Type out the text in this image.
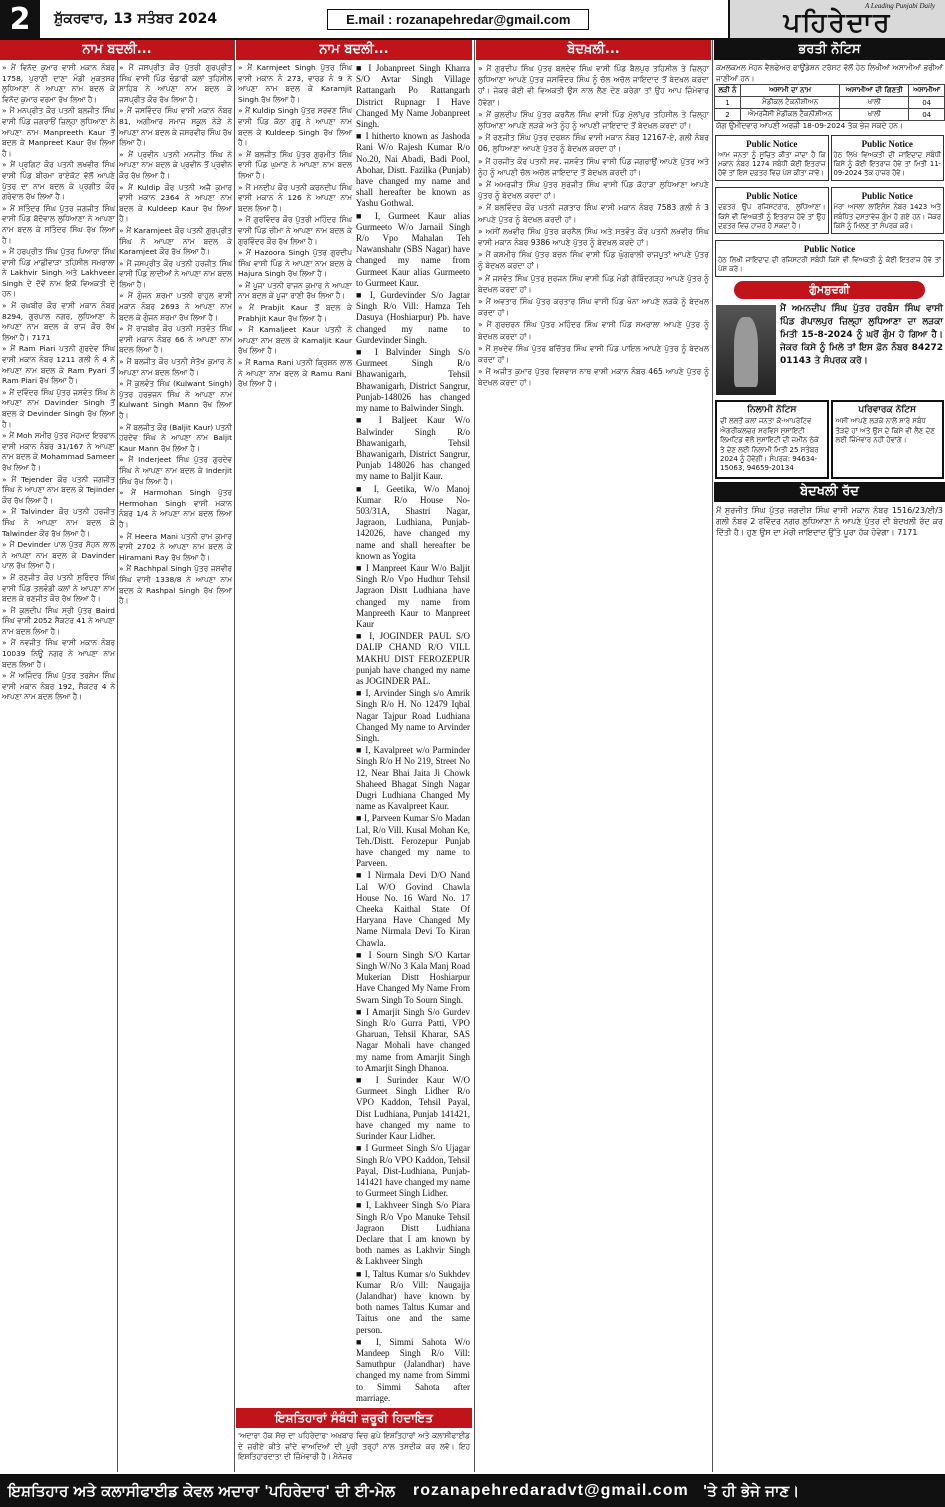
2	ਸ਼ੁੱਕਰਵਾਰ, 13 ਸਤੰਬਰ 2024	E.mail : rozanapehredar@gmail.com
A Leading Punjabi Daily
ਪਹਿਰੇਦਾਰ
ਨਾਮ ਬਦਲੀ...

» ਮੈਂ ਵਿਨੋਦ ਕੁਮਾਰ ਵਾਸੀ ਮਕਾਨ ਨੰਬਰ 1758, ਪੁਰਾਣੀ ਦਾਣਾ ਮੰਡੀ ਮੁਕਤਸਰ ਲੁਧਿਆਣਾ ਨੇ ਆਪਣਾ ਨਾਮ ਬਦਲ ਕੇ ਵਿਨੋਦ ਕੁਮਾਰ ਵਰਮਾ ਰੱਖ ਲਿਆ ਹੈ।

» ਮੈਂ ਮਨਪ੍ਰੀਤ ਕੌਰ ਪਤਨੀ ਬਲਜੀਤ ਸਿੰਘ ਵਾਸੀ ਪਿੰਡ ਜਗਰਾਓਂ ਜ਼ਿਲ੍ਹਾ ਲੁਧਿਆਣਾ ਨੇ ਆਪਣਾ ਨਾਮ Manpreeth Kaur ਤੋਂ ਬਦਲ ਕੇ Manpreet Kaur ਰੱਖ ਲਿਆ ਹੈ।

» ਮੈਂ ਪ੍ਰਗਿਟ ਕੌਰ ਪਤਨੀ ਲਖਵੀਰ ਸਿੰਘ ਵਾਸੀ ਪਿੰਡ ਬੀਰਮਾ ਰਾਏਕੋਟ ਵੱਲੋਂ ਆਪਣੇ ਪੁੱਤਰ ਦਾ ਨਾਮ ਬਦਲ ਕੇ ਪ੍ਰਗੀਤ ਕੌਰ ਗਰੇਵਾਲ ਰੱਖ ਲਿਆ ਹੈ।

» ਮੈਂ ਸਤਿੰਦਰ ਸਿੰਘ ਪੁੱਤਰ ਜਗਜੀਤ ਸਿੰਘ ਵਾਸੀ ਪਿੰਡ ਬੱਦੋਵਾਲ ਲੁਧਿਆਣਾ ਨੇ ਆਪਣਾ ਨਾਮ ਬਦਲ ਕੇ ਸਤਿੰਦਰ ਸਿੰਘ ਰੱਖ ਲਿਆ ਹੈ।

» ਮੈਂ ਹਰਪ੍ਰੀਤ ਸਿੰਘ ਪੁੱਤਰ ਪਿਆਰਾ ਸਿੰਘ ਵਾਸੀ ਪਿੰਡ ਮਾਛੀਵਾੜਾ ਤਹਿਸੀਲ ਸਮਰਾਲਾ ਨੇ Lakhvir Singh ਅਤੇ Lakhveer Singh ਦੇ ਦੋਵੇਂ ਨਾਮ ਇਕੋ ਵਿਅਕਤੀ ਦੇ ਹਨ।

» ਮੈਂ ਰਘਬੀਰ ਕੌਰ ਵਾਸੀ ਮਕਾਨ ਨੰਬਰ 8294, ਗੁਰਪਾਲ ਨਗਰ, ਲੁਧਿਆਣਾ ਨੇ ਆਪਣਾ ਨਾਮ ਬਦਲ ਕੇ ਰਾਜ ਕੌਰ ਰੱਖ ਲਿਆ ਹੈ। 7171

» ਮੈਂ Ram Piari ਪਤਨੀ ਗੁਰਦੇਵ ਸਿੰਘ ਵਾਸੀ ਮਕਾਨ ਨੰਬਰ 1211 ਗਲੀ ਨੰ 4 ਨੇ ਆਪਣਾ ਨਾਮ ਬਦਲ ਕੇ Ram Pyari ਤੋਂ Ram Piari ਰੱਖ ਲਿਆ ਹੈ।

» ਮੈਂ ਦਵਿੰਦਰ ਸਿੰਘ ਪੁੱਤਰ ਜਸਵੰਤ ਸਿੰਘ ਨੇ ਆਪਣਾ ਨਾਮ Davinder Singh ਤੋਂ ਬਦਲ ਕੇ Devinder Singh ਰੱਖ ਲਿਆ ਹੈ।

» ਮੈਂ Moh ਸਮੀਰ ਪੁੱਤਰ ਮੋਹਮਦ ਇਰਫਾਨ ਵਾਸੀ ਮਕਾਨ ਨੰਬਰ 31/167 ਨੇ ਆਪਣਾ ਨਾਮ ਬਦਲ ਕੇ Mohammad Sameer ਰੱਖ ਲਿਆ ਹੈ।

» ਮੈਂ Tejender ਕੌਰ ਪਤਨੀ ਜਗਜੀਤ ਸਿੰਘ ਨੇ ਆਪਣਾ ਨਾਮ ਬਦਲ ਕੇ Tejinder ਕੌਰ ਰੱਖ ਲਿਆ ਹੈ।

» ਮੈਂ Talvinder ਕੌਰ ਪਤਨੀ ਹਰਜੀਤ ਸਿੰਘ ਨੇ ਆਪਣਾ ਨਾਮ ਬਦਲ ਕੇ Talwinder ਕੌਰ ਰੱਖ ਲਿਆ ਹੈ।

» ਮੈਂ Devinder ਪਾਲ ਪੁੱਤਰ ਸੋਹਨ ਲਾਲ ਨੇ ਆਪਣਾ ਨਾਮ ਬਦਲ ਕੇ Davinder ਪਾਲ ਰੱਖ ਲਿਆ ਹੈ।

» ਮੈਂ ਰਣਜੀਤ ਕੌਰ ਪਤਨੀ ਸੁਰਿੰਦਰ ਸਿੰਘ ਵਾਸੀ ਪਿੰਡ ਤਲਵੰਡੀ ਕਲਾਂ ਨੇ ਆਪਣਾ ਨਾਮ ਬਦਲ ਕੇ ਰਣਜੀਤ ਕੌਰ ਰੱਖ ਲਿਆ ਹੈ।

» ਮੈਂ ਕੁਲਦੀਪ ਸਿੰਘ ਸ੍ਰੀ ਪੁੱਤਰ Baird ਸਿੰਘ ਵਾਸੀ 2052 ਸੈਕਟਰ 41 ਨੇ ਆਪਣਾ ਨਾਮ ਬਦਲ ਲਿਆ ਹੈ।

» ਮੈਂ ਨਵਜੀਤ ਸਿੰਘ ਵਾਸੀ ਮਕਾਨ ਨੰਬਰ 10039 ਨਿਊ ਨਗਰ ਨੇ ਆਪਣਾ ਨਾਮ ਬਦਲ ਲਿਆ ਹੈ।

» ਮੈਂ ਅਜਿੰਦਰ ਸਿੰਘ ਪੁੱਤਰ ਤਰਸੇਮ ਸਿੰਘ ਵਾਸੀ ਮਕਾਨ ਨੰਬਰ 192, ਸੈਕਟਰ 4 ਨੇ ਆਪਣਾ ਨਾਮ ਬਦਲ ਲਿਆ ਹੈ।

» ਮੈਂ ਜਸਪ੍ਰੀਤ ਕੌਰ ਪੁੱਤਰੀ ਗੁਰਪ੍ਰੀਤ ਸਿੰਘ ਵਾਸੀ ਪਿੰਡ ਢੰਡਾਰੀ ਕਲਾਂ ਤਹਿਸੀਲ ਸਾਹਿਬ ਨੇ ਆਪਣਾ ਨਾਮ ਬਦਲ ਕੇ ਜਸਪ੍ਰੀਤ ਕੌਰ ਰੱਖ ਲਿਆ ਹੈ।

» ਮੈਂ ਜਸਵਿੰਦਰ ਸਿੰਘ ਵਾਸੀ ਮਕਾਨ ਨੰਬਰ 81, ਅਗੀਆਰ ਸਮਾਜ ਸਕੂਲ ਨੇੜੇ ਨੇ ਆਪਣਾ ਨਾਮ ਬਦਲ ਕੇ ਜਸਰਵੀਰ ਸਿੰਘ ਰੱਖ ਲਿਆ ਹੈ।

» ਮੈਂ ਪ੍ਰਵੀਨ ਪਤਨੀ ਮਨਜੀਤ ਸਿੰਘ ਨੇ ਆਪਣਾ ਨਾਮ ਬਦਲ ਕੇ ਪ੍ਰਵੀਨ ਤੋਂ ਪ੍ਰਵੀਨ ਕੌਰ ਰੱਖ ਲਿਆ ਹੈ।

» ਮੈਂ Kuldip ਕੌਰ ਪਤਨੀ ਅਜੈ ਕੁਮਾਰ ਵਾਸੀ ਮਕਾਨ 2364 ਨੇ ਆਪਣਾ ਨਾਮ ਬਦਲ ਕੇ Kuldeep Kaur ਰੱਖ ਲਿਆ ਹੈ।

» ਮੈਂ Karamjeet ਕੌਰ ਪਤਨੀ ਗੁਰਪ੍ਰੀਤ ਸਿੰਘ ਨੇ ਆਪਣਾ ਨਾਮ ਬਦਲ ਕੇ Karamjeet ਕੌਰ ਰੱਖ ਲਿਆ ਹੈ।

» ਮੈਂ ਜਸਪ੍ਰੀਤ ਕੌਰ ਪਤਨੀ ਹਰਜੀਤ ਸਿੰਘ ਵਾਸੀ ਪਿੰਡ ਲਾਦੀਆਂ ਨੇ ਆਪਣਾ ਨਾਮ ਬਦਲ ਲਿਆ ਹੈ।

» ਮੈਂ ਗੁੰਜਨ ਸ਼ਰਮਾ ਪਤਨੀ ਰਾਹੁਲ ਵਾਸੀ ਮਕਾਨ ਨੰਬਰ 2693 ਨੇ ਆਪਣਾ ਨਾਮ ਬਦਲ ਕੇ ਗੁੰਜਨ ਸ਼ਰਮਾ ਰੱਖ ਲਿਆ ਹੈ।

» ਮੈਂ ਰਾਜਬੀਰ ਕੌਰ ਪਤਨੀ ਸਤਵੰਤ ਸਿੰਘ ਵਾਸੀ ਮਕਾਨ ਨੰਬਰ 66 ਨੇ ਆਪਣਾ ਨਾਮ ਬਦਲ ਲਿਆ ਹੈ।

» ਮੈਂ ਬਲਜੀਤ ਕੌਰ ਪਤਨੀ ਸੰਤੋਖ ਕੁਮਾਰ ਨੇ ਆਪਣਾ ਨਾਮ ਬਦਲ ਲਿਆ ਹੈ।

» ਮੈਂ ਕੁਲਵੰਤ ਸਿੰਘ (Kulwant Singh) ਪੁੱਤਰ ਹਰਭਜਨ ਸਿੰਘ ਨੇ ਆਪਣਾ ਨਾਮ Kulwant Singh Mann ਰੱਖ ਲਿਆ ਹੈ।

» ਮੈਂ ਬਲਜੀਤ ਕੌਰ (Baljit Kaur) ਪਤਨੀ ਹਰਦੇਵ ਸਿੰਘ ਨੇ ਆਪਣਾ ਨਾਮ Baljit Kaur Mann ਰੱਖ ਲਿਆ ਹੈ।

» ਮੈਂ Inderjeet ਸਿੰਘ ਪੁੱਤਰ ਗੁਰਦੇਵ ਸਿੰਘ ਨੇ ਆਪਣਾ ਨਾਮ ਬਦਲ ਕੇ Inderjit ਸਿੰਘ ਰੱਖ ਲਿਆ ਹੈ।

» ਮੈਂ Harmohan Singh ਪੁੱਤਰ Hermohan Singh ਵਾਸੀ ਮਕਾਨ ਨੰਬਰ 1/4 ਨੇ ਆਪਣਾ ਨਾਮ ਬਦਲ ਲਿਆ ਹੈ।

» ਮੈਂ Heera Mani ਪਤਨੀ ਰਾਮ ਕੁਮਾਰ ਵਾਸੀ 2702 ਨੇ ਆਪਣਾ ਨਾਮ ਬਦਲ ਕੇ Hiramani Ray ਰੱਖ ਲਿਆ ਹੈ।

» ਮੈਂ Rachhpal Singh ਪੁੱਤਰ ਜਸਵੀਰ ਸਿੰਘ ਵਾਸੀ 1338/8 ਨੇ ਆਪਣਾ ਨਾਮ ਬਦਲ ਕੇ Rashpal Singh ਰੱਖ ਲਿਆ ਹੈ।

ਨਾਮ ਬਦਲੀ...

» ਮੈਂ Karmjeet Singh ਪੁੱਤਰ ਸਿੰਘ ਵਾਸੀ ਮਕਾਨ ਨੰ 273, ਵਾਰਡ ਨੰ 9 ਨੇ ਆਪਣਾ ਨਾਮ ਬਦਲ ਕੇ Karamjit Singh ਰੱਖ ਲਿਆ ਹੈ।

» ਮੈਂ Kuldip Singh ਪੁੱਤਰ ਸਰਵਣ ਸਿੰਘ ਵਾਸੀ ਪਿੰਡ ਕੋਠਾ ਗੁਰੂ ਨੇ ਆਪਣਾ ਨਾਮ ਬਦਲ ਕੇ Kuldeep Singh ਰੱਖ ਲਿਆ ਹੈ।

» ਮੈਂ ਬਲਜੀਤ ਸਿੰਘ ਪੁੱਤਰ ਗੁਰਮੀਤ ਸਿੰਘ ਵਾਸੀ ਪਿੰਡ ਘੁਮਾਣ ਨੇ ਆਪਣਾ ਨਾਮ ਬਦਲ ਲਿਆ ਹੈ।

» ਮੈਂ ਮਨਦੀਪ ਕੌਰ ਪਤਨੀ ਕਰਨਦੀਪ ਸਿੰਘ ਵਾਸੀ ਮਕਾਨ ਨੰ 126 ਨੇ ਆਪਣਾ ਨਾਮ ਬਦਲ ਲਿਆ ਹੈ।

» ਮੈਂ ਗੁਰਵਿੰਦਰ ਕੌਰ ਪੁੱਤਰੀ ਮਹਿੰਦਰ ਸਿੰਘ ਵਾਸੀ ਪਿੰਡ ਚੀਮਾ ਨੇ ਆਪਣਾ ਨਾਮ ਬਦਲ ਕੇ ਗੁਰਵਿੰਦਰ ਕੌਰ ਰੱਖ ਲਿਆ ਹੈ।

» ਮੈਂ Hazoora Singh ਪੁੱਤਰ ਗੁਰਦੀਪ ਸਿੰਘ ਵਾਸੀ ਪਿੰਡ ਨੇ ਆਪਣਾ ਨਾਮ ਬਦਲ ਕੇ Hajura Singh ਰੱਖ ਲਿਆ ਹੈ।

» ਮੈਂ ਪੂਜਾ ਪਤਨੀ ਰਾਜਨ ਕੁਮਾਰ ਨੇ ਆਪਣਾ ਨਾਮ ਬਦਲ ਕੇ ਪੂਜਾ ਰਾਣੀ ਰੱਖ ਲਿਆ ਹੈ।

» ਮੈਂ Prabjit Kaur ਤੋਂ ਬਦਲ ਕੇ Prabhjit Kaur ਰੱਖ ਲਿਆ ਹੈ।

» ਮੈਂ Kamaljeet Kaur ਪਤਨੀ ਨੇ ਆਪਣਾ ਨਾਮ ਬਦਲ ਕੇ Kamaljit Kaur ਰੱਖ ਲਿਆ ਹੈ।

» ਮੈਂ Rama Rani ਪਤਨੀ ਕ੍ਰਿਸ਼ਨ ਲਾਲ ਨੇ ਆਪਣਾ ਨਾਮ ਬਦਲ ਕੇ Ramu Rani ਰੱਖ ਲਿਆ ਹੈ।

■ I Jobanpreet Singh Kharra S/O Avtar Singh Village Rattangarh Po Rattangarh District Rupnagr I Have Changed My Name Jobanpreet Singh.

■ I hitherto known as Jashoda Rani W/o Rajesh Kumar R/o No.20, Nai Abadi, Badi Pool, Abohar, Distt. Fazilka (Punjab) have changed my name and shall hereafter be known as Yashu Gothwal.

■ I, Gurmeet Kaur alias Gurmeeto W/o Jarnail Singh R/o Vpo Mahalan Teh Nawanshahr (SBS Nagar) have changed my name from Gurmeet Kaur alias Gurmeeto to Gurmeet Kaur.

■ I, Gurdevinder S/o Jagtar Singh R/o Vill: Hamza Teh Dasuya (Hoshiarpur) Pb. have changed my name to Gurdevinder Singh.

■ I Balvinder Singh S/o Gurmeet Singh R/o Bhawanigarh, Tehsil Bhawanigarh, District Sangrur, Punjab-148026 has changed my name to Balwinder Singh.

■ I Baljeet Kaur W/o Balwinder Singh R/o Bhawanigarh, Tehsil Bhawanigarh, District Sangrur, Punjab 148026 has changed my name to Baljit Kaur.

■ I, Geetika, W/o Manoj Kumar R/o House No-503/31A, Shastri Nagar, Jagraon, Ludhiana, Punjab-142026, have changed my name and shall hereafter be known as Yogita

■ I Manpreet Kaur W/o Baljit Singh R/o Vpo Hudhur Tehsil Jagraon Distt Ludhiana have changed my name from Manpreeth Kaur to Manpreet Kaur

■ I, JOGINDER PAUL S/O DALIP CHAND R/O VILL MAKHU DIST FEROZEPUR punjab have changed my name as JOGINDER PAL.

■ I, Arvinder Singh s/o Amrik Singh R/o H. No 12479 Iqbal Nagar Tajpur Road Ludhiana Changed My name to Arvinder Singh.

■ I, Kavalpreet w/o Parminder Singh R/o H No 219, Street No 12, Near Bhai Jaita Ji Chowk Shaheed Bhagat Singh Nagar Dugri Ludhiana Changed My name as Kavalpreet Kaur.

■ I, Parveen Kumar S/o Madan Lal, R/o Vill. Kusal Mohan Ke, Teh./Distt. Ferozepur Punjab have changed my name to Parveen.

■ I Nirmala Devi D/O Nand Lal W/O Govind Chawla House No. 16 Ward No. 17 Cheeka Kaithal State Of Haryana Have Changed My Name Nirmala Devi To Kiran Chawla.

■ I Sourn Singh S/O Kartar Singh W/No 3 Kala Manj Road Mukerian Distt Hoshiarpur Have Changed My Name From Swarn Singh To Sourn Singh.

■ I Amarjit Singh S/o Gurdev Singh R/o Gurra Patti, VPO Gharuan, Tehsil Kharar, SAS Nagar Mohali have changed my name from Amarjit Singh to Amarjit Singh Dhanoa.

■ I Surinder Kaur W/O Gurmeet Singh Lidher R/o VPO Kaddon, Tehsil Payal, Dist Ludhiana, Punjab 141421, have changed my name to Surinder Kaur Lidher.

■ I Gurmeet Singh S/o Ujagar Singh R/o VPO Kaddon, Tehsil Payal, Dist-Ludhiana, Punjab-141421 have changed my name to Gurmeet Singh Lidher.

■ I, Lakhveer Singh S/o Piara Singh R/o Vpo Manuke Tehsil Jagraon Distt Ludhiana Declare that I am known by both names as Lakhvir Singh & Lakhveer Singh

■ I, Taltus Kumar s/o Sukhdev Kumar R/o Vill: Naugajja (Jalandhar) have known by both names Taltus Kumar and Taitus one and the same person.

■ I, Simmi Sahota W/o Mandeep Singh R/o Vill: Samuthpur (Jalandhar) have changed my name from Simmi to Simmi Sahota after marriage.

ਇਸ਼ਤਿਹਾਰਾਂ ਸੰਬੰਧੀ ਜ਼ਰੂਰੀ ਹਿਦਾਇਤ
'ਅਦਾਰਾ ਹੱਕ ਸੱਚ ਦਾ ਪਹਿਰੇਦਾਰ' ਅਖ਼ਬਾਰ ਵਿਚ ਛਪੇ ਇਸ਼ਤਿਹਾਰਾਂ ਅਤੇ ਕਲਾਸੀਫਾਈਡ ਦੇ ਜ਼ਰੀਏ ਕੀਤੇ ਜਾਂਦੇ ਵਾਅਦਿਆਂ ਦੀ ਪੂਰੀ ਤਰ੍ਹਾਂ ਨਾਲ ਤਸਦੀਕ ਕਰ ਲਵੋ। ਇਹ ਇਸ਼ਤਿਹਾਰਦਾਤਾ ਦੀ ਜ਼ਿੰਮੇਵਾਰੀ ਹੈ। ਮੈਨੇਜਰ
ਬੇਦਖ਼ਲੀ...

» ਮੈਂ ਗੁਰਦੀਪ ਸਿੰਘ ਪੁੱਤਰ ਬਲਦੇਵ ਸਿੰਘ ਵਾਸੀ ਪਿੰਡ ਬੈਲਪੁਰ ਤਹਿਸੀਲ ਤੇ ਜ਼ਿਲ੍ਹਾ ਲੁਧਿਆਣਾ ਆਪਣੇ ਪੁੱਤਰ ਜਸਵਿੰਦਰ ਸਿੰਘ ਨੂੰ ਚੱਲ ਅਚੱਲ ਜਾਇਦਾਦ ਤੋਂ ਬੇਦਖ਼ਲ ਕਰਦਾ ਹਾਂ। ਜੇਕਰ ਕੋਈ ਵੀ ਵਿਅਕਤੀ ਉਸ ਨਾਲ ਲੈਣ ਦੇਣ ਕਰੇਗਾ ਤਾਂ ਉਹ ਆਪ ਜ਼ਿੰਮੇਵਾਰ ਹੋਵੇਗਾ।

» ਮੈਂ ਕੁਲਦੀਪ ਸਿੰਘ ਪੁੱਤਰ ਕਰਨੈਲ ਸਿੰਘ ਵਾਸੀ ਪਿੰਡ ਮੁੱਲਾਂਪੁਰ ਤਹਿਸੀਲ ਤੇ ਜ਼ਿਲ੍ਹਾ ਲੁਧਿਆਣਾ ਆਪਣੇ ਲੜਕੇ ਅਤੇ ਨੂੰਹ ਨੂੰ ਆਪਣੀ ਜਾਇਦਾਦ ਤੋਂ ਬੇਦਖ਼ਲ ਕਰਦਾ ਹਾਂ।

» ਮੈਂ ਰਣਜੀਤ ਸਿੰਘ ਪੁੱਤਰ ਦਰਸ਼ਨ ਸਿੰਘ ਵਾਸੀ ਮਕਾਨ ਨੰਬਰ 12167-ਏ, ਗਲੀ ਨੰਬਰ 06, ਲੁਧਿਆਣਾ ਆਪਣੇ ਪੁੱਤਰ ਨੂੰ ਬੇਦਖ਼ਲ ਕਰਦਾ ਹਾਂ।

» ਮੈਂ ਹਰਜੀਤ ਕੌਰ ਪਤਨੀ ਸਵ. ਜਸਵੰਤ ਸਿੰਘ ਵਾਸੀ ਪਿੰਡ ਜਗਰਾਉਂ ਆਪਣੇ ਪੁੱਤਰ ਅਤੇ ਨੂੰਹ ਨੂੰ ਆਪਣੀ ਚੱਲ ਅਚੱਲ ਜਾਇਦਾਦ ਤੋਂ ਬੇਦਖ਼ਲ ਕਰਦੀ ਹਾਂ।

» ਮੈਂ ਅਮਰਜੀਤ ਸਿੰਘ ਪੁੱਤਰ ਸੁਰਜੀਤ ਸਿੰਘ ਵਾਸੀ ਪਿੰਡ ਕੋਹਾੜਾ ਲੁਧਿਆਣਾ ਆਪਣੇ ਪੁੱਤਰ ਨੂੰ ਬੇਦਖ਼ਲ ਕਰਦਾ ਹਾਂ।

» ਮੈਂ ਬਲਵਿੰਦਰ ਕੌਰ ਪਤਨੀ ਜਗਤਾਰ ਸਿੰਘ ਵਾਸੀ ਮਕਾਨ ਨੰਬਰ 7583 ਗਲੀ ਨੰ 3 ਆਪਣੇ ਪੁੱਤਰ ਨੂੰ ਬੇਦਖ਼ਲ ਕਰਦੀ ਹਾਂ।

» ਅਸੀਂ ਲਖਵੀਰ ਸਿੰਘ ਪੁੱਤਰ ਕਰਨੈਲ ਸਿੰਘ ਅਤੇ ਸਤਵੰਤ ਕੌਰ ਪਤਨੀ ਲਖਵੀਰ ਸਿੰਘ ਵਾਸੀ ਮਕਾਨ ਨੰਬਰ 9386 ਆਪਣੇ ਪੁੱਤਰ ਨੂੰ ਬੇਦਖ਼ਲ ਕਰਦੇ ਹਾਂ।

» ਮੈਂ ਕਸ਼ਮੀਰ ਸਿੰਘ ਪੁੱਤਰ ਬਚਨ ਸਿੰਘ ਵਾਸੀ ਪਿੰਡ ਘੁੰਗਰਾਲੀ ਰਾਜਪੂਤਾਂ ਆਪਣੇ ਪੁੱਤਰ ਨੂੰ ਬੇਦਖ਼ਲ ਕਰਦਾ ਹਾਂ।

» ਮੈਂ ਜਸਵੰਤ ਸਿੰਘ ਪੁੱਤਰ ਸੁਰਜਨ ਸਿੰਘ ਵਾਸੀ ਪਿੰਡ ਮੰਡੀ ਗੋਬਿੰਦਗੜ੍ਹ ਆਪਣੇ ਪੁੱਤਰ ਨੂੰ ਬੇਦਖ਼ਲ ਕਰਦਾ ਹਾਂ।

» ਮੈਂ ਅਵਤਾਰ ਸਿੰਘ ਪੁੱਤਰ ਕਰਤਾਰ ਸਿੰਘ ਵਾਸੀ ਪਿੰਡ ਖੰਨਾ ਆਪਣੇ ਲੜਕੇ ਨੂੰ ਬੇਦਖ਼ਲ ਕਰਦਾ ਹਾਂ।

» ਮੈਂ ਗੁਰਚਰਨ ਸਿੰਘ ਪੁੱਤਰ ਮਹਿੰਦਰ ਸਿੰਘ ਵਾਸੀ ਪਿੰਡ ਸਮਰਾਲਾ ਆਪਣੇ ਪੁੱਤਰ ਨੂੰ ਬੇਦਖ਼ਲ ਕਰਦਾ ਹਾਂ।

» ਮੈਂ ਸੁਖਦੇਵ ਸਿੰਘ ਪੁੱਤਰ ਬਚਿੱਤਰ ਸਿੰਘ ਵਾਸੀ ਪਿੰਡ ਪਾਇਲ ਆਪਣੇ ਪੁੱਤਰ ਨੂੰ ਬੇਦਖ਼ਲ ਕਰਦਾ ਹਾਂ।

» ਮੈਂ ਅਜੀਤ ਕੁਮਾਰ ਪੁੱਤਰ ਵਿਸ਼ਵਾਸ ਨਾਥ ਵਾਸੀ ਮਕਾਨ ਨੰਬਰ 465 ਆਪਣੇ ਪੁੱਤਰ ਨੂੰ ਬੇਦਖ਼ਲ ਕਰਦਾ ਹਾਂ।

ਭਰਤੀ ਨੋਟਿਸ
ਕਮਲਕਮਲ ਮੋਹਨ ਵੈਲਫੇਅਰ ਫਾਊਂਡੇਸ਼ਨ ਟਰੱਸਟ ਵੱਲੋਂ ਹੇਠ ਲਿਖੀਆਂ ਅਸਾਮੀਆਂ ਭਰੀਆਂ ਜਾਣੀਆਂ ਹਨ।
ਲੜੀ ਨੰ	ਅਸਾਮੀ ਦਾ ਨਾਮ	ਅਸਾਮੀਆਂ ਦੀ ਗਿਣਤੀ	ਅਸਾਮੀਆਂ
1	ਮੈਡੀਕਲ ਟੈਕਨੀਸ਼ੀਅਨ	ਖਾਲੀ	04
2	ਐਮਰਜੈਂਸੀ ਮੈਡੀਕਲ ਟੈਕਨੀਸ਼ੀਅਨ	ਖਾਲੀ	04
ਯੋਗ ਉਮੀਦਵਾਰ ਆਪਣੀ ਅਰਜ਼ੀ 18-09-2024 ਤੱਕ ਭੇਜ ਸਕਦੇ ਹਨ।
Public Notice
ਆਮ ਜਨਤਾ ਨੂੰ ਸੂਚਿਤ ਕੀਤਾ ਜਾਂਦਾ ਹੈ ਕਿ ਮਕਾਨ ਨੰਬਰ 1274 ਸਬੰਧੀ ਕੋਈ ਇਤਰਾਜ਼ ਹੋਵੇ ਤਾਂ ਇਸ ਦਫ਼ਤਰ ਵਿਚ ਪੇਸ਼ ਕੀਤਾ ਜਾਵੇ।
Public Notice
ਹੇਠ ਲਿਖੇ ਵਿਅਕਤੀ ਦੀ ਜਾਇਦਾਦ ਸਬੰਧੀ ਕਿਸੇ ਨੂੰ ਕੋਈ ਇਤਰਾਜ਼ ਹੋਵੇ ਤਾਂ ਮਿਤੀ 11-09-2024 ਤੱਕ ਹਾਜ਼ਰ ਹੋਵੇ।
Public Notice
ਦਫ਼ਤਰ ਉਪ ਰਜਿਸਟਰਾਰ, ਲੁਧਿਆਣਾ। ਕਿਸੇ ਵੀ ਵਿਅਕਤੀ ਨੂੰ ਇਤਰਾਜ਼ ਹੋਵੇ ਤਾਂ ਉਹ ਦਫ਼ਤਰ ਵਿਚ ਹਾਜ਼ਰ ਹੋ ਸਕਦਾ ਹੈ।
Public Notice
ਮੇਰਾ ਅਸਲਾ ਲਾਇਸੰਸ ਨੰਬਰ 1423 ਅਤੇ ਸਬੰਧਿਤ ਦਸਤਾਵੇਜ਼ ਗੁੰਮ ਹੋ ਗਏ ਹਨ। ਜੇਕਰ ਕਿਸੇ ਨੂੰ ਮਿਲਣ ਤਾਂ ਸੰਪਰਕ ਕਰੋ।
Public Notice
ਹੇਠ ਲਿਖੀ ਜਾਇਦਾਦ ਦੀ ਰਜਿਸਟਰੀ ਸਬੰਧੀ ਕਿਸੇ ਵੀ ਵਿਅਕਤੀ ਨੂੰ ਕੋਈ ਇਤਰਾਜ਼ ਹੋਵੇ ਤਾਂ ਪੇਸ਼ ਕਰੇ।
ਗੁੰਮਸ਼ੁਦਗੀ
ਮੈਂ ਅਮਨਦੀਪ ਸਿੰਘ ਪੁੱਤਰ ਹਰਬੰਸ ਸਿੰਘ ਵਾਸੀ ਪਿੰਡ ਗੋਪਾਲਪੁਰ ਜ਼ਿਲ੍ਹਾ ਲੁਧਿਆਣਾ ਦਾ ਲੜਕਾ ਮਿਤੀ 15-8-2024 ਨੂੰ ਘਰੋਂ ਗੁੰਮ ਹੋ ਗਿਆ ਹੈ। ਜੇਕਰ ਕਿਸੇ ਨੂੰ ਮਿਲੇ ਤਾਂ ਇਸ ਫ਼ੋਨ ਨੰਬਰ 84272 01143 ਤੇ ਸੰਪਰਕ ਕਰੋ।
ਨਿਲਾਮੀ ਨੋਟਿਸ
ਦੀ ਲਲਤੋਂ ਕਲਾਂ ਜਨਤਾ ਕੋ-ਆਪਰੇਟਿਵ ਐਗਰੀਕਲਚਰ ਸਰਵਿਸ ਸੁਸਾਇਟੀ ਲਿਮਟਿਡ ਵੱਲੋਂ ਸੁਸਾਇਟੀ ਦੀ ਜ਼ਮੀਨ ਠੇਕੇ ਤੇ ਦੇਣ ਲਈ ਨਿਲਾਮੀ ਮਿਤੀ 25 ਸਤੰਬਰ 2024 ਨੂੰ ਹੋਵੇਗੀ। ਸੰਪਰਕ: 94634-15063, 94659-20134
ਪਰਿਵਾਰਕ ਨੋਟਿਸ
ਅਸੀਂ ਆਪਣੇ ਲੜਕੇ ਨਾਲੋਂ ਸਾਰੇ ਸਬੰਧ ਤੋੜਦੇ ਹਾਂ ਅਤੇ ਉਸ ਦੇ ਕਿਸੇ ਵੀ ਲੈਣ ਦੇਣ ਲਈ ਜ਼ਿੰਮੇਵਾਰ ਨਹੀਂ ਹੋਵਾਂਗੇ।
ਬੇਦਖਲੀ ਰੱਦ
ਮੈਂ ਸੁਰਜੀਤ ਸਿੰਘ ਪੁੱਤਰ ਜਗਦੀਸ਼ ਸਿੰਘ ਵਾਸੀ ਮਕਾਨ ਨੰਬਰ 1516/23/ਈ/3 ਗਲੀ ਨੰਬਰ 2 ਰਵਿੰਦਰ ਨਗਰ ਲੁਧਿਆਣਾ ਨੇ ਆਪਣੇ ਪੁੱਤਰ ਦੀ ਬੇਦਖ਼ਲੀ ਰੱਦ ਕਰ ਦਿੱਤੀ ਹੈ। ਹੁਣ ਉਸ ਦਾ ਮੇਰੀ ਜਾਇਦਾਦ ਉੱਤੇ ਪੂਰਾ ਹੱਕ ਹੋਵੇਗਾ। 7171
ਇਸ਼ਤਿਹਾਰ ਅਤੇ ਕਲਾਸੀਫਾਈਡ ਕੇਵਲ ਅਦਾਰਾ 'ਪਹਿਰੇਦਾਰ' ਦੀ ਈ-ਮੇਲ rozanapehredaradvt@gmail.com 'ਤੇ ਹੀ ਭੇਜੇ ਜਾਣ।
